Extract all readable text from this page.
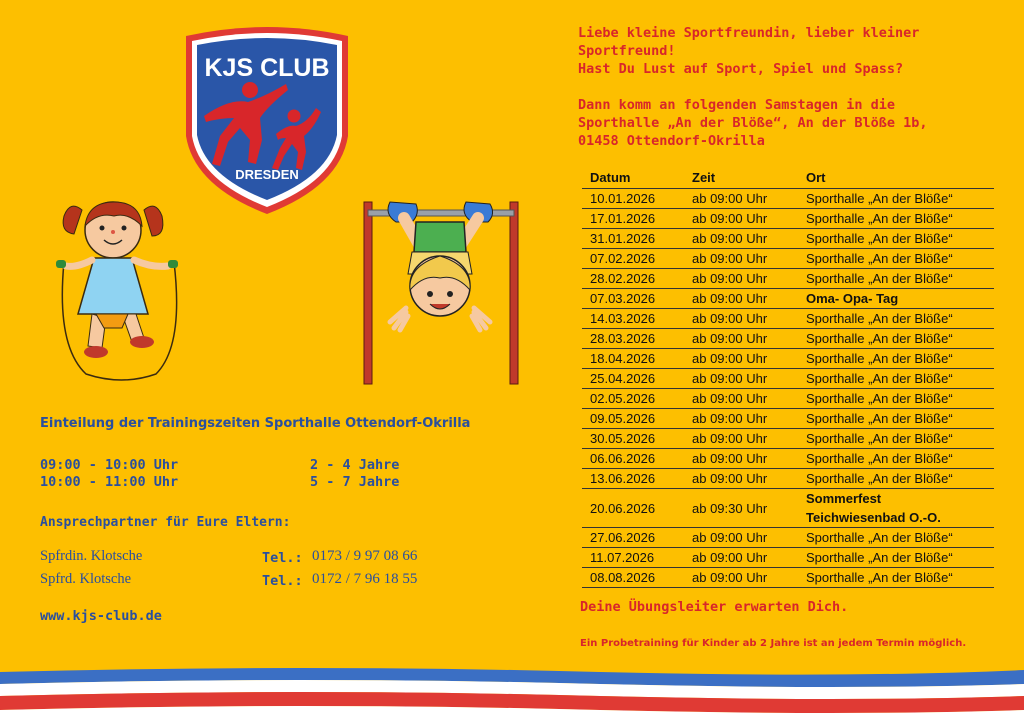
KJS CLUB
DRESDEN

Liebe kleine Sportfreundin, lieber kleiner Sportfreund!

Hast Du Lust auf Sport, Spiel und Spass?

Dann komm an folgenden Samstagen in die

Sporthalle „An der Blöße“, An der Blöße 1b,

01458 Ottendorf-Okrilla

Datum	Zeit	Ort
10.01.2026	ab 09:00 Uhr	Sporthalle „An der Blöße“
17.01.2026	ab 09:00 Uhr	Sporthalle „An der Blöße“
31.01.2026	ab 09:00 Uhr	Sporthalle „An der Blöße“
07.02.2026	ab 09:00 Uhr	Sporthalle „An der Blöße“
28.02.2026	ab 09:00 Uhr	Sporthalle „An der Blöße“
07.03.2026	ab 09:00 Uhr	Oma- Opa- Tag
14.03.2026	ab 09:00 Uhr	Sporthalle „An der Blöße“
28.03.2026	ab 09:00 Uhr	Sporthalle „An der Blöße“
18.04.2026	ab 09:00 Uhr	Sporthalle „An der Blöße“
25.04.2026	ab 09:00 Uhr	Sporthalle „An der Blöße“
02.05.2026	ab 09:00 Uhr	Sporthalle „An der Blöße“
09.05.2026	ab 09:00 Uhr	Sporthalle „An der Blöße“
30.05.2026	ab 09:00 Uhr	Sporthalle „An der Blöße“
06.06.2026	ab 09:00 Uhr	Sporthalle „An der Blöße“
13.06.2026	ab 09:00 Uhr	Sporthalle „An der Blöße“
20.06.2026	ab 09:30 Uhr	Sommerfest
Teichwiesenbad O.-O.

27.06.2026	ab 09:00 Uhr	Sporthalle „An der Blöße“
11.07.2026	ab 09:00 Uhr	Sporthalle „An der Blöße“
08.08.2026	ab 09:00 Uhr	Sporthalle „An der Blöße“
Deine Übungsleiter erwarten Dich.
Ein Probetraining für Kinder ab 2 Jahre ist an jedem Termin möglich.
Einteilung der Trainingszeiten Sporthalle Ottendorf-Okrilla
09:00 - 10:00 Uhr	2 - 4 Jahre
10:00 - 11:00 Uhr	5 - 7 Jahre
Ansprechpartner für Eure Eltern:
Spfrdin. Klotsche	Tel.: 0173 / 9 97 08 66
Spfrd. Klotsche	Tel.: 0172 / 7 96 18 55
www.kjs-club.de
